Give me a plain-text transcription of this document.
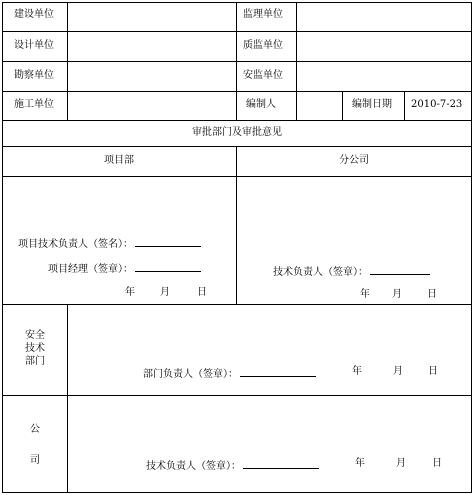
建设单位	监理单位
设计单位	质监单位
勘察单位	安监单位
施工单位	编制人	编制日期 2010-7-23
审批部门及审批意见
项目部	分公司
项目技术负责人（签名）：
项目经理（签章）：
年	月	日
技术负责人（签章）：
年 月	日
安全
技术
部门
部门负责人（签章）：	年	月	日
公
司
技术负责人（签章）：	年	月	日
